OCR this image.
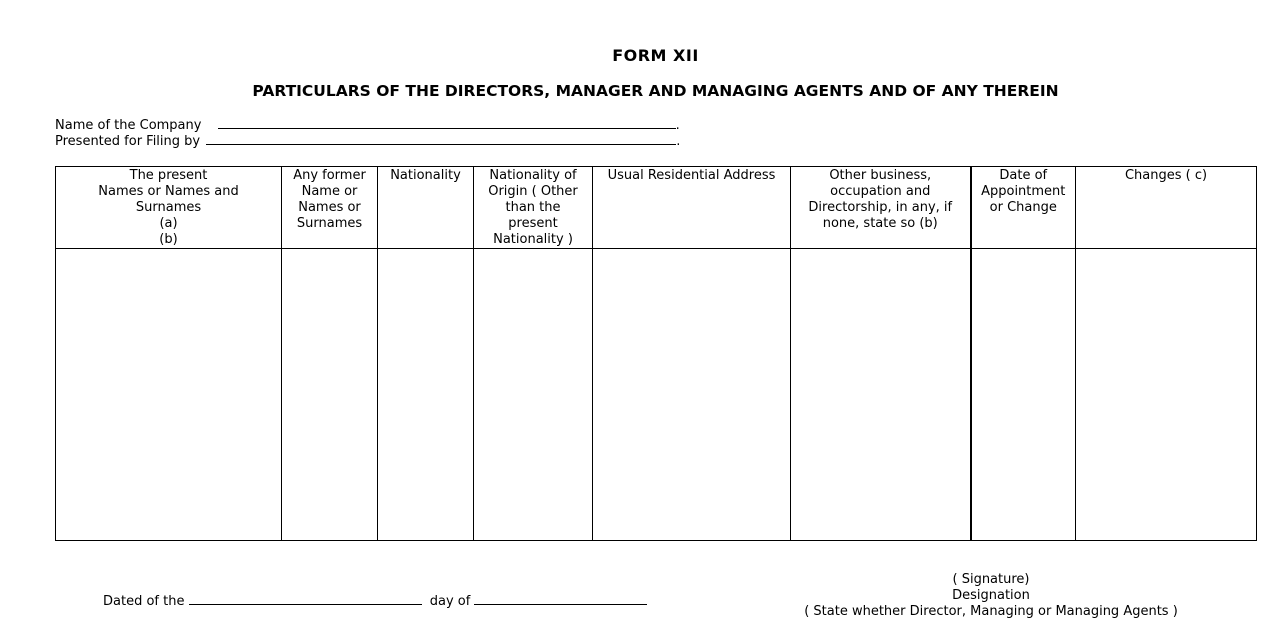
FORM XII
PARTICULARS OF THE DIRECTORS, MANAGER AND MANAGING AGENTS AND OF ANY THEREIN
Name of the Company	.
Presented for Filing by	.
The present
Names or Names and
Surnames
(a)
(b)	Any former
Name or
Names or
Surnames	Nationality	Nationality of
Origin ( Other
than the
present
Nationality )	Usual Residential Address	Other business,
occupation and
Directorship, in any, if
none, state so (b)	Date of
Appointment
or Change	Changes ( c)

Dated of the	day of
( Signature)
Designation
( State whether Director, Managing or Managing Agents )
